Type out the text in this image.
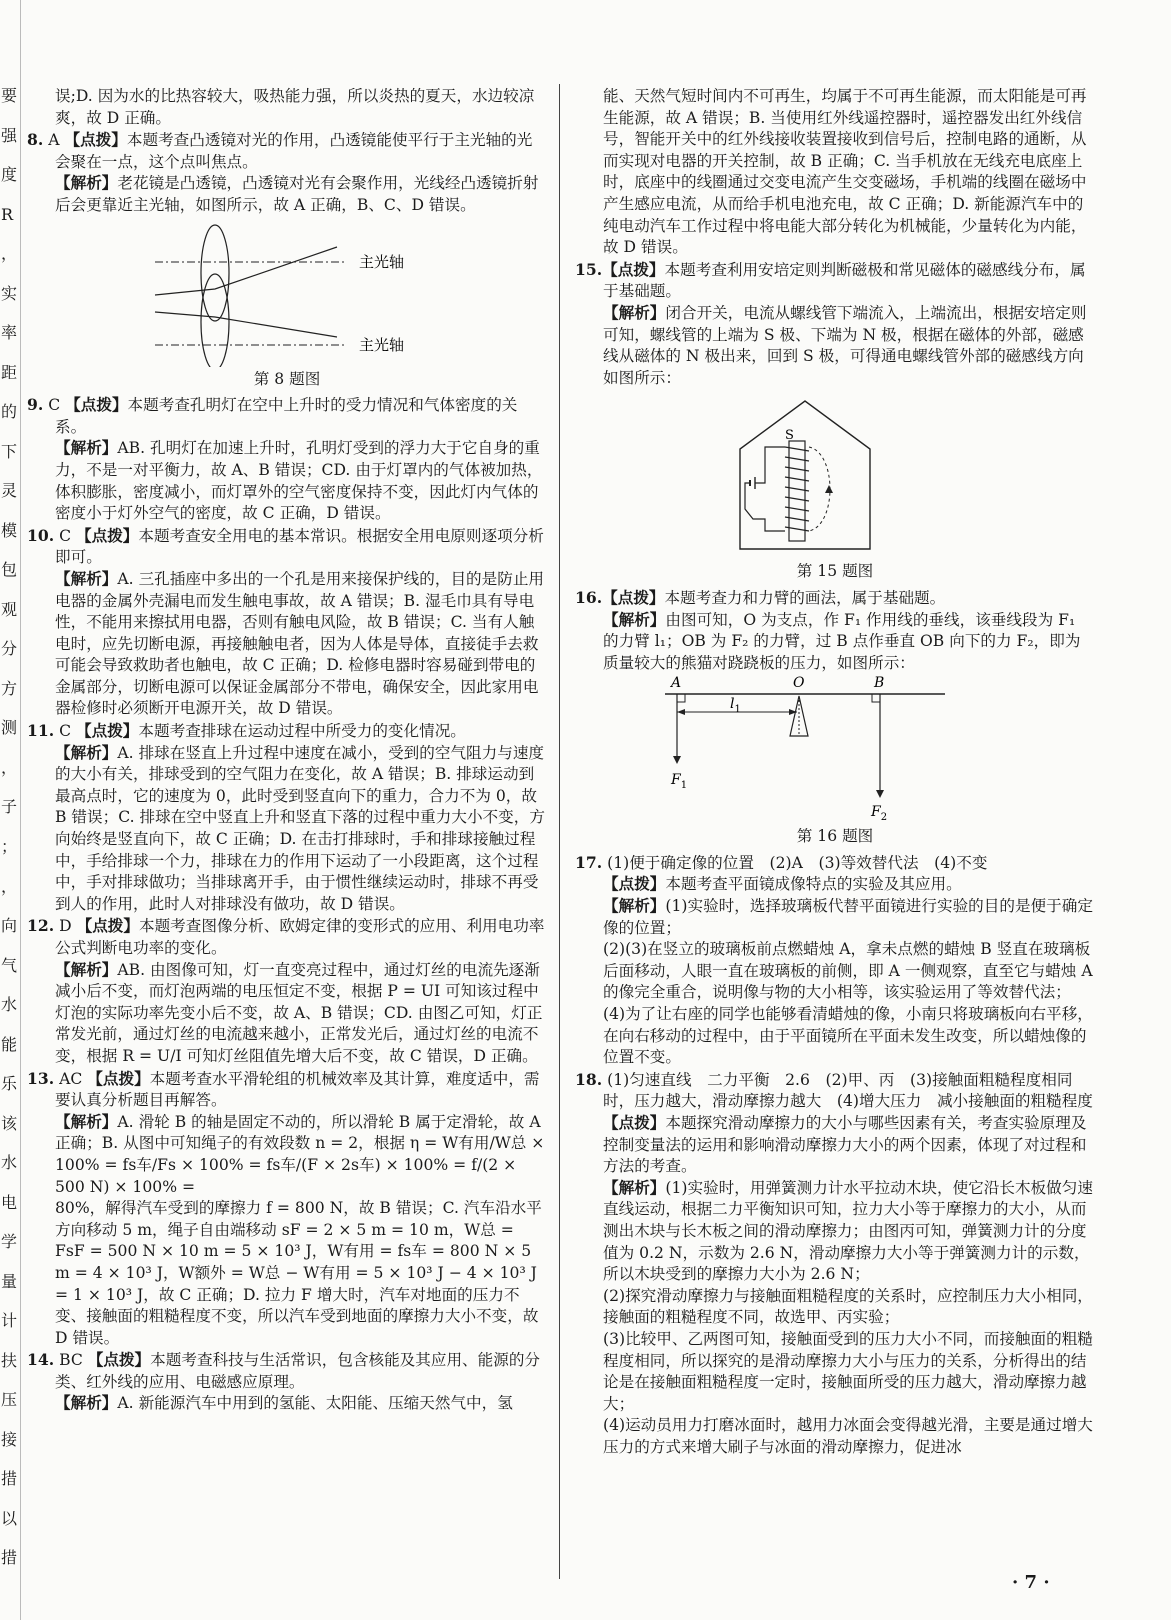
要
强
度
R
，
实
率
距
的
下
灵
模
包
观
分
方
测
，
子
；
，
向
气
水
能
乐
该
水
电
学
量
计
扶
压
接
措
以
措

误;D. 因为水的比热容较大，吸热能力强，所以炎热的夏天，水边较凉爽，故 D 正确。

8. A 【点拨】本题考查凸透镜对光的作用，凸透镜能使平行于主光轴的光会聚在一点，这个点叫焦点。

【解析】老花镜是凸透镜，凸透镜对光有会聚作用，光线经凸透镜折射后会更靠近主光轴，如图所示，故 A 正确，B、C、D 错误。

主光轴
主光轴

第 8 题图

9. C 【点拨】本题考查孔明灯在空中上升时的受力情况和气体密度的关系。

【解析】AB. 孔明灯在加速上升时，孔明灯受到的浮力大于它自身的重力，不是一对平衡力，故 A、B 错误；CD. 由于灯罩内的气体被加热，体积膨胀，密度减小，而灯罩外的空气密度保持不变，因此灯内气体的密度小于灯外空气的密度，故 C 正确，D 错误。

10. C 【点拨】本题考查安全用电的基本常识。根据安全用电原则逐项分析即可。

【解析】A. 三孔插座中多出的一个孔是用来接保护线的，目的是防止用电器的金属外壳漏电而发生触电事故，故 A 错误；B. 湿毛巾具有导电性，不能用来擦拭用电器，否则有触电风险，故 B 错误；C. 当有人触电时，应先切断电源，再接触触电者，因为人体是导体，直接徒手去救可能会导致救助者也触电，故 C 正确；D. 检修电器时容易碰到带电的金属部分，切断电源可以保证金属部分不带电，确保安全，因此家用电器检修时必须断开电源开关，故 D 错误。

11. C 【点拨】本题考查排球在运动过程中所受力的变化情况。

【解析】A. 排球在竖直上升过程中速度在减小，受到的空气阻力与速度的大小有关，排球受到的空气阻力在变化，故 A 错误；B. 排球运动到最高点时，它的速度为 0，此时受到竖直向下的重力，合力不为 0，故 B 错误；C. 排球在空中竖直上升和竖直下落的过程中重力大小不变，方向始终是竖直向下，故 C 正确；D. 在击打排球时，手和排球接触过程中，手给排球一个力，排球在力的作用下运动了一小段距离，这个过程中，手对排球做功；当排球离开手，由于惯性继续运动时，排球不再受到人的作用，此时人对排球没有做功，故 D 错误。

12. D 【点拨】本题考查图像分析、欧姆定律的变形式的应用、利用电功率公式判断电功率的变化。

【解析】AB. 由图像可知，灯一直变亮过程中，通过灯丝的电流先逐渐减小后不变，而灯泡两端的电压恒定不变，根据 P = UI 可知该过程中灯泡的实际功率先变小后不变，故 A、B 错误；CD. 由图乙可知，灯正常发光前，通过灯丝的电流越来越小，正常发光后，通过灯丝的电流不变，根据 R = U/I 可知灯丝阻值先增大后不变，故 C 错误，D 正确。

13. AC 【点拨】本题考查水平滑轮组的机械效率及其计算，难度适中，需要认真分析题目再解答。

【解析】A. 滑轮 B 的轴是固定不动的，所以滑轮 B 属于定滑轮，故 A 正确；B. 从图中可知绳子的有效段数 n = 2，根据 η = W有用/W总 ×

100% = fs车/Fs × 100% = fs车/(F × 2s车) × 100% = f/(2 × 500 N) × 100% =

80%，解得汽车受到的摩擦力 f = 800 N，故 B 错误；C. 汽车沿水平方向移动 5 m，绳子自由端移动 sF = 2 × 5 m = 10 m，W总 = FsF = 500 N × 10 m = 5 × 10³ J，W有用 = fs车 = 800 N × 5 m = 4 × 10³ J，W额外 = W总 − W有用 = 5 × 10³ J − 4 × 10³ J = 1 × 10³ J，故 C 正确；D. 拉力 F 增大时，汽车对地面的压力不变、接触面的粗糙程度不变，所以汽车受到地面的摩擦力大小不变，故 D 错误。

14. BC 【点拨】本题考查科技与生活常识，包含核能及其应用、能源的分类、红外线的应用、电磁感应原理。

【解析】A. 新能源汽车中用到的氢能、太阳能、压缩天然气中，氢

能、天然气短时间内不可再生，均属于不可再生能源，而太阳能是可再生能源，故 A 错误；B. 当使用红外线遥控器时，遥控器发出红外线信号，智能开关中的红外线接收装置接收到信号后，控制电路的通断，从而实现对电器的开关控制，故 B 正确；C. 当手机放在无线充电底座上时，底座中的线圈通过交变电流产生交变磁场，手机端的线圈在磁场中产生感应电流，从而给手机电池充电，故 C 正确；D. 新能源汽车中的纯电动汽车工作过程中将电能大部分转化为机械能，少量转化为内能，故 D 错误。

15.【点拨】本题考查利用安培定则判断磁极和常见磁体的磁感线分布，属于基础题。

【解析】闭合开关，电流从螺线管下端流入，上端流出，根据安培定则可知，螺线管的上端为 S 极、下端为 N 极，根据在磁体的外部，磁感线从磁体的 N 极出来，回到 S 极，可得通电螺线管外部的磁感线方向如图所示：

S

第 15 题图

16.【点拨】本题考查力和力臂的画法，属于基础题。

【解析】由图可知，O 为支点，作 F₁ 作用线的垂线，该垂线段为 F₁ 的力臂 l₁；OB 为 F₂ 的力臂，过 B 点作垂直 OB 向下的力 F₂，即为质量较大的熊猫对跷跷板的压力，如图所示：

A	O	B
$l_1$
$F_1$
$F_2$

第 16 题图

17. (1)便于确定像的位置　(2)A　(3)等效替代法　(4)不变

【点拨】本题考查平面镜成像特点的实验及其应用。

【解析】(1)实验时，选择玻璃板代替平面镜进行实验的目的是便于确定像的位置；

(2)(3)在竖立的玻璃板前点燃蜡烛 A，拿未点燃的蜡烛 B 竖直在玻璃板后面移动，人眼一直在玻璃板的前侧，即 A 一侧观察，直至它与蜡烛 A 的像完全重合，说明像与物的大小相等，该实验运用了等效替代法；

(4)为了让右座的同学也能够看清蜡烛的像，小南只将玻璃板向右平移，在向右移动的过程中，由于平面镜所在平面未发生改变，所以蜡烛像的位置不变。

18. (1)匀速直线　二力平衡　2.6　(2)甲、丙　(3)接触面粗糙程度相同时，压力越大，滑动摩擦力越大　(4)增大压力　减小接触面的粗糙程度

【点拨】本题探究滑动摩擦力的大小与哪些因素有关，考查实验原理及控制变量法的运用和影响滑动摩擦力大小的两个因素，体现了对过程和方法的考查。

【解析】(1)实验时，用弹簧测力计水平拉动木块，使它沿长木板做匀速直线运动，根据二力平衡知识可知，拉力大小等于摩擦力的大小，从而测出木块与长木板之间的滑动摩擦力；由图丙可知，弹簧测力计的分度值为 0.2 N，示数为 2.6 N，滑动摩擦力大小等于弹簧测力计的示数，所以木块受到的摩擦力大小为 2.6 N；

(2)探究滑动摩擦力与接触面粗糙程度的关系时，应控制压力大小相同，接触面的粗糙程度不同，故选甲、丙实验；

(3)比较甲、乙两图可知，接触面受到的压力大小不同，而接触面的粗糙程度相同，所以探究的是滑动摩擦力大小与压力的关系，分析得出的结论是在接触面粗糙程度一定时，接触面所受的压力越大，滑动摩擦力越大；

(4)运动员用力打磨冰面时，越用力冰面会变得越光滑，主要是通过增大压力的方式来增大刷子与冰面的滑动摩擦力，促进冰

· 7 ·
